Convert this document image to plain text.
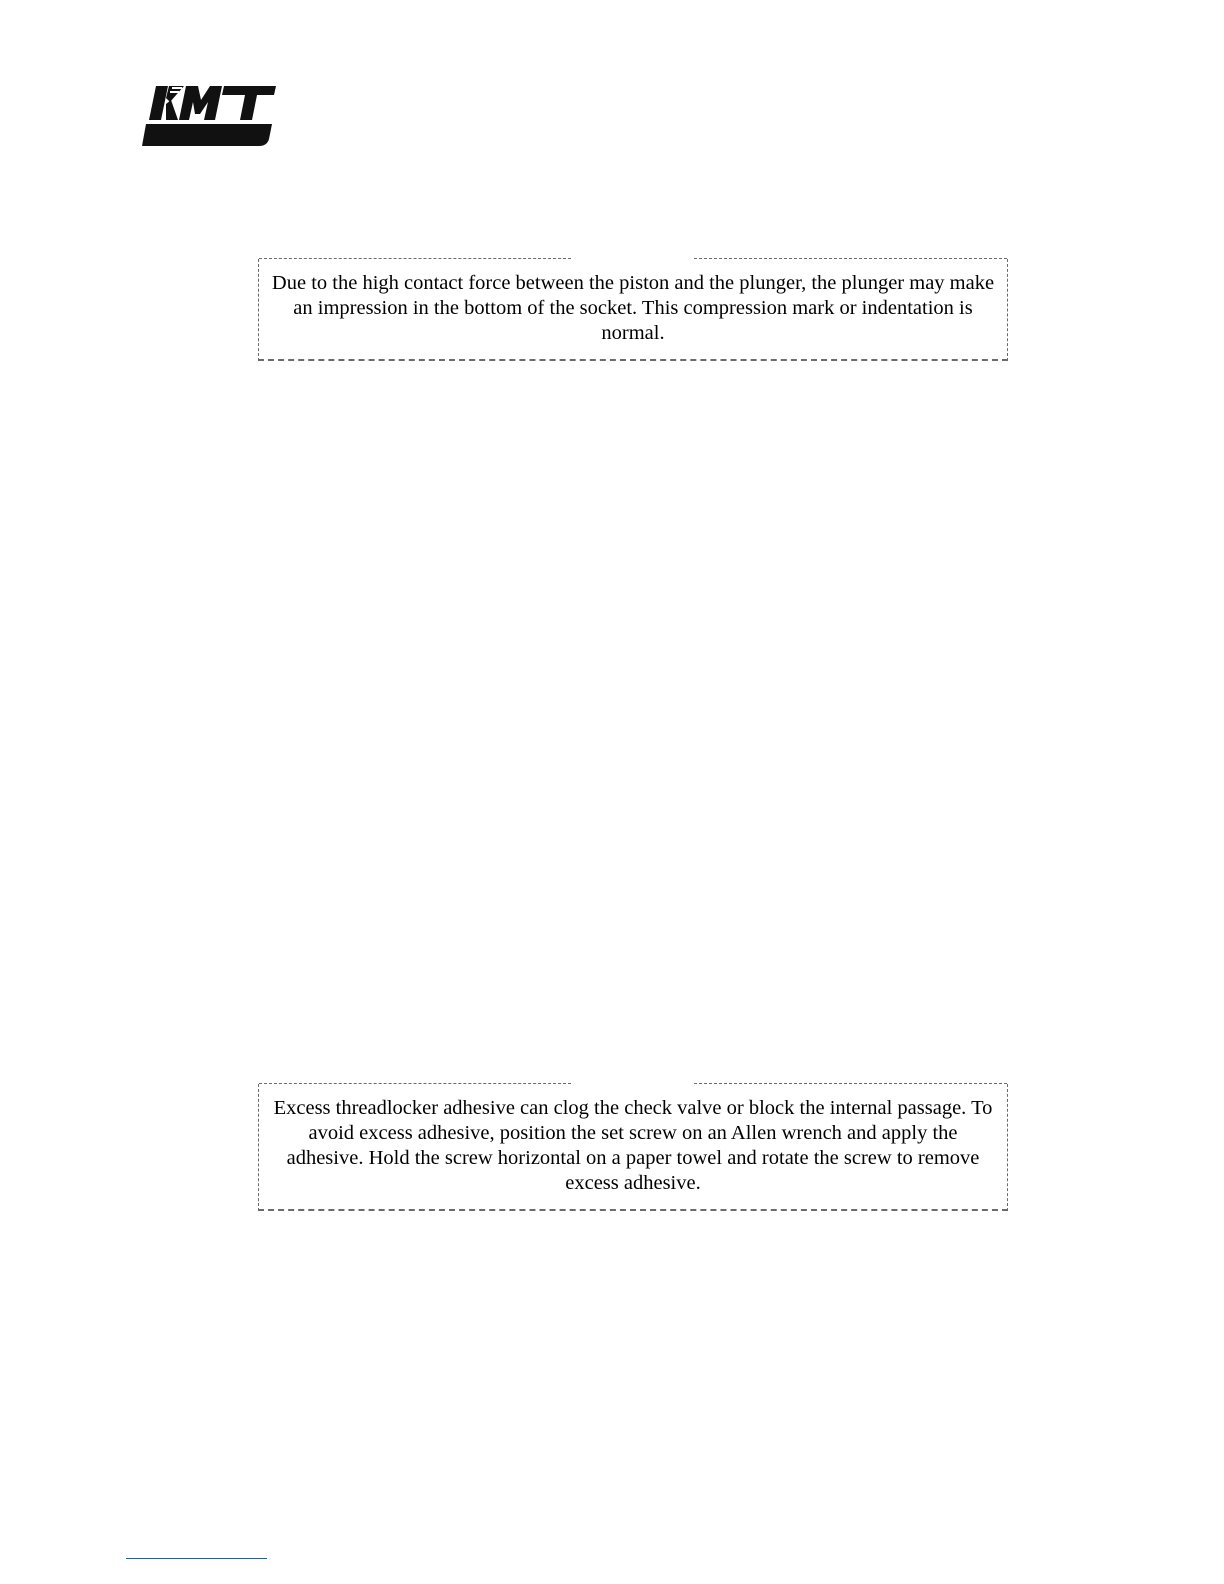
Due to the high contact force between the piston and the plunger, the plunger may make an impression in the bottom of the socket. This compression mark or indentation is normal.
Excess threadlocker adhesive can clog the check valve or block the internal passage. To avoid excess adhesive, position the set screw on an Allen wrench and apply the adhesive. Hold the screw horizontal on a paper towel and rotate the screw to remove excess adhesive.
